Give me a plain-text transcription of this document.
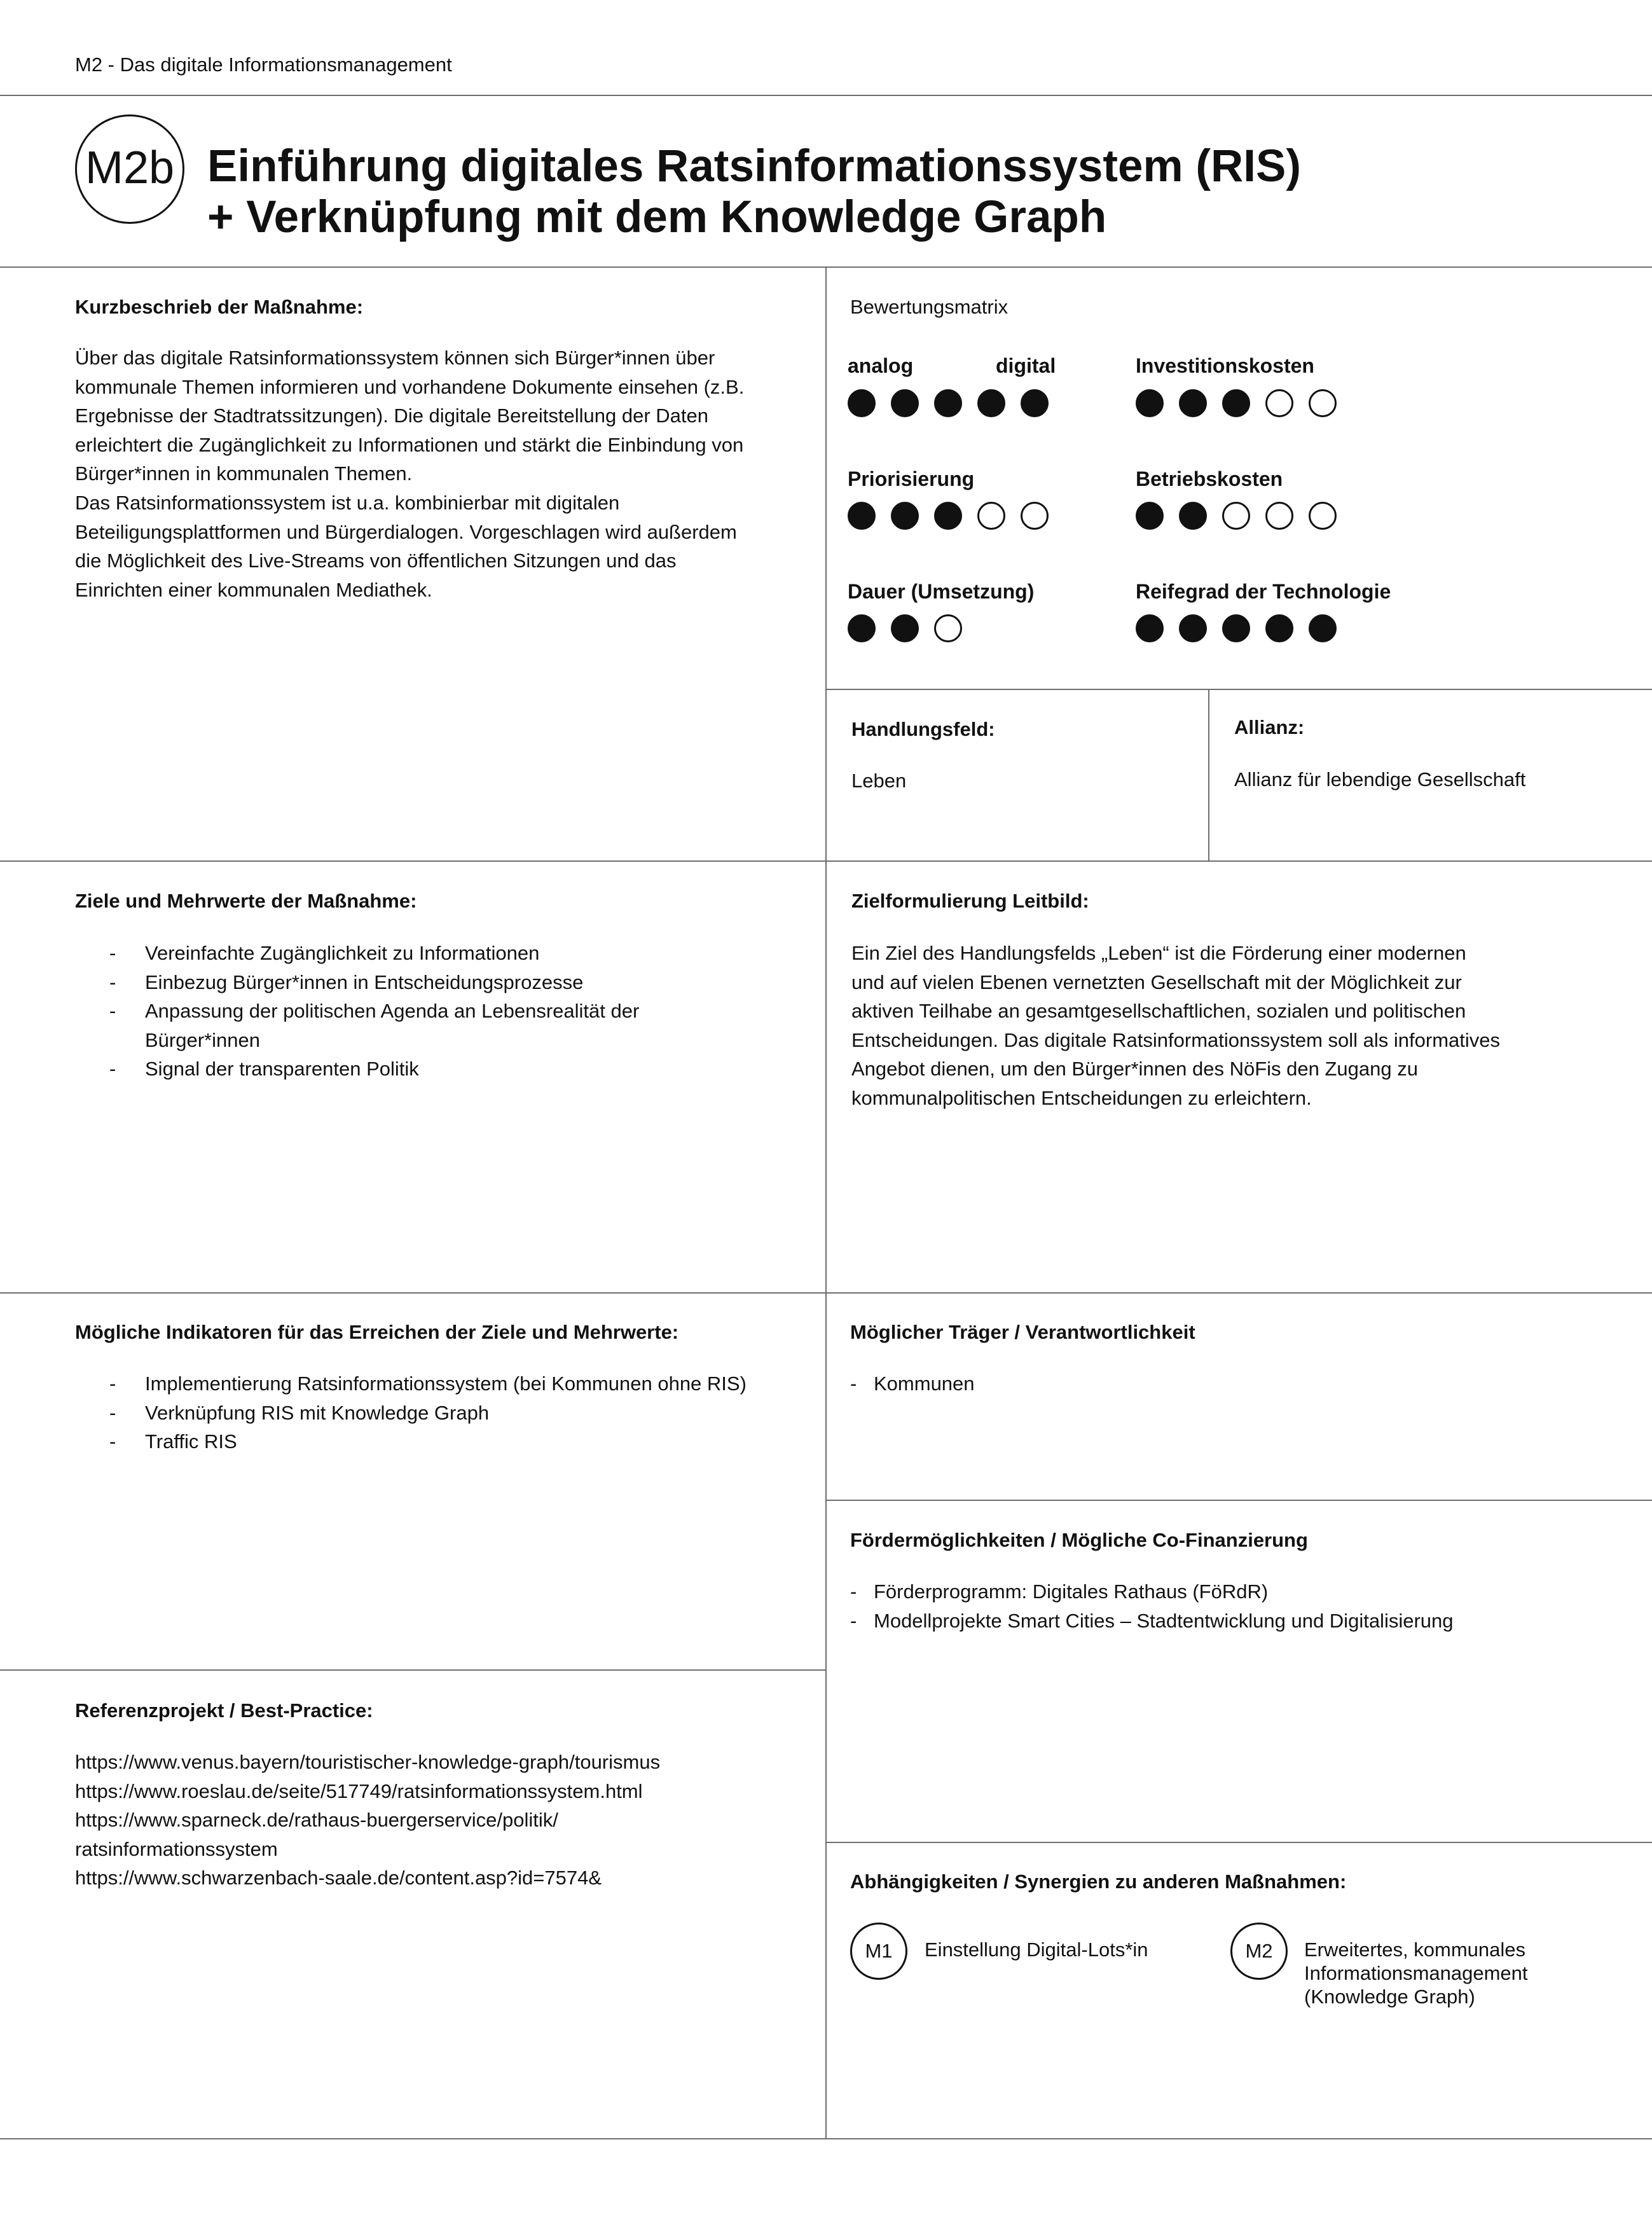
M2 - Das digitale Informationsmanagement
M2b Einführung digitales Ratsinformationssystem (RIS)
+ Verknüpfung mit dem Knowledge Graph
Kurzbeschrieb der Maßnahme:
Über das digitale Ratsinformationssystem können sich Bürger*innen über
kommunale Themen informieren und vorhandene Dokumente einsehen (z.B.
Ergebnisse der Stadtratssitzungen). Die digitale Bereitstellung der Daten
erleichtert die Zugänglichkeit zu Informationen und stärkt die Einbindung von
Bürger*innen in kommunalen Themen.
Das Ratsinformationssystem ist u.a. kombinierbar mit digitalen
Beteiligungsplattformen und Bürgerdialogen. Vorgeschlagen wird außerdem
die Möglichkeit des Live-Streams von öffentlichen Sitzungen und das
Einrichten einer kommunalen Mediathek.
Bewertungsmatrix
analog	digital	Investitionskosten
Priorisierung	Betriebskosten
Dauer (Umsetzung)	Reifegrad der Technologie
Handlungsfeld:
Leben
Allianz:
Allianz für lebendige Gesellschaft
Ziele und Mehrwerte der Maßnahme:
- Vereinfachte Zugänglichkeit zu Informationen
- Einbezug Bürger*innen in Entscheidungsprozesse
- Anpassung der politischen Agenda an Lebensrealität der Bürger*innen
- Signal der transparenten Politik
Zielformulierung Leitbild:
Ein Ziel des Handlungsfelds „Leben“ ist die Förderung einer modernen
und auf vielen Ebenen vernetzten Gesellschaft mit der Möglichkeit zur
aktiven Teilhabe an gesamtgesellschaftlichen, sozialen und politischen
Entscheidungen. Das digitale Ratsinformationssystem soll als informatives
Angebot dienen, um den Bürger*innen des NöFis den Zugang zu
kommunalpolitischen Entscheidungen zu erleichtern.
Mögliche Indikatoren für das Erreichen der Ziele und Mehrwerte:
- Implementierung Ratsinformationssystem (bei Kommunen ohne RIS)
- Verknüpfung RIS mit Knowledge Graph
- Traffic RIS
Möglicher Träger / Verantwortlichkeit
- Kommunen
Fördermöglichkeiten / Mögliche Co-Finanzierung
- Förderprogramm: Digitales Rathaus (FöRdR)
- Modellprojekte Smart Cities – Stadtentwicklung und Digitalisierung
Referenzprojekt / Best-Practice:
https://www.venus.bayern/touristischer-knowledge-graph/tourismus
https://www.roeslau.de/seite/517749/ratsinformationssystem.html
https://www.sparneck.de/rathaus-buergerservice/politik/
ratsinformationssystem
https://www.schwarzenbach-saale.de/content.asp?id=7574&	Abhängigkeiten / Synergien zu anderen Maßnahmen:
M1	Einstellung Digital-Lots*in	M2	Erweitertes, kommunales
Informationsmanagement
(Knowledge Graph)
